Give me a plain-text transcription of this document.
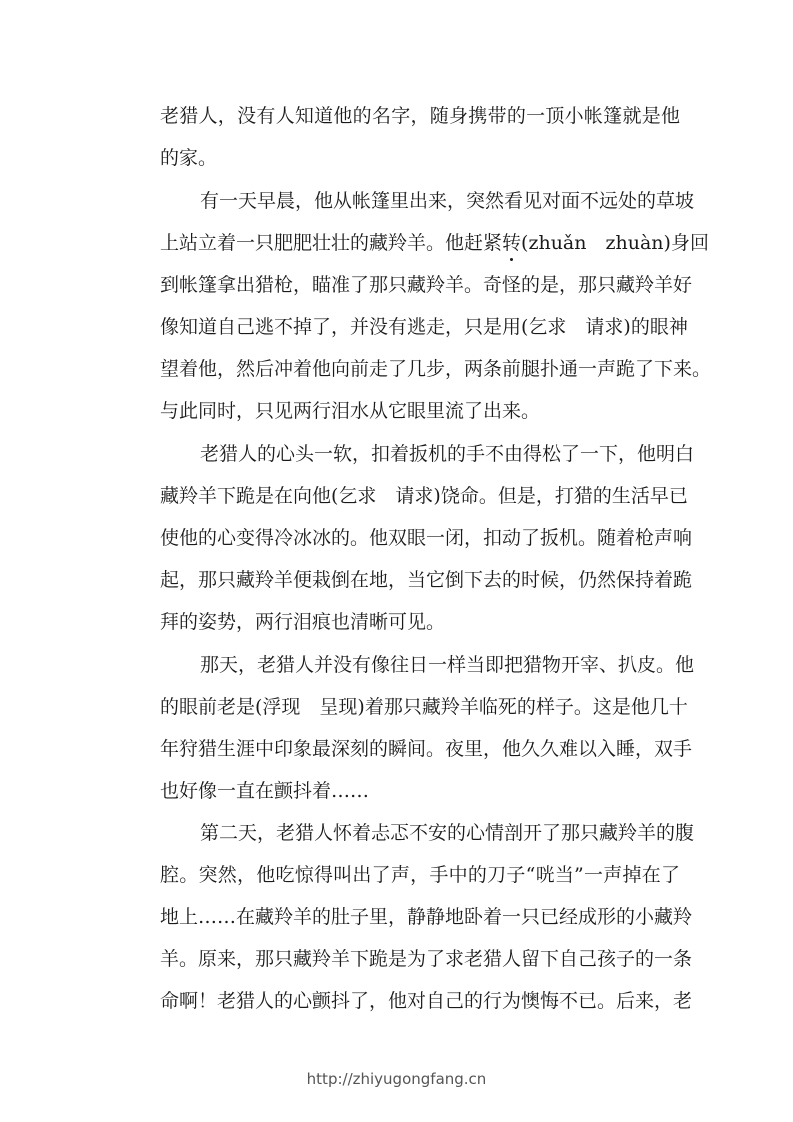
老猎人，没有人知道他的名字，随身携带的一顶小帐篷就是他
的家。
有一天早晨，他从帐篷里出来，突然看见对面不远处的草坡
上站立着一只肥肥壮壮的藏羚羊。他赶紧转(zhuǎn　zhuàn)身回
到帐篷拿出猎枪，瞄准了那只藏羚羊。奇怪的是，那只藏羚羊好
像知道自己逃不掉了，并没有逃走，只是用(乞求　请求)的眼神
望着他，然后冲着他向前走了几步，两条前腿扑通一声跪了下来。
与此同时，只见两行泪水从它眼里流了出来。
老猎人的心头一软，扣着扳机的手不由得松了一下，他明白
藏羚羊下跪是在向他(乞求　请求)饶命。但是，打猎的生活早已
使他的心变得冷冰冰的。他双眼一闭，扣动了扳机。随着枪声响
起，那只藏羚羊便栽倒在地，当它倒下去的时候，仍然保持着跪
拜的姿势，两行泪痕也清晰可见。
那天，老猎人并没有像往日一样当即把猎物开宰、扒皮。他
的眼前老是(浮现　呈现)着那只藏羚羊临死的样子。这是他几十
年狩猎生涯中印象最深刻的瞬间。夜里，他久久难以入睡，双手
也好像一直在颤抖着……
第二天，老猎人怀着忐忑不安的心情剖开了那只藏羚羊的腹
腔。突然，他吃惊得叫出了声，手中的刀子“咣当”一声掉在了
地上……在藏羚羊的肚子里，静静地卧着一只已经成形的小藏羚
羊。原来，那只藏羚羊下跪是为了求老猎人留下自己孩子的一条
命啊！老猎人的心颤抖了，他对自己的行为懊悔不已。后来，老
http://zhiyugongfang.cn
